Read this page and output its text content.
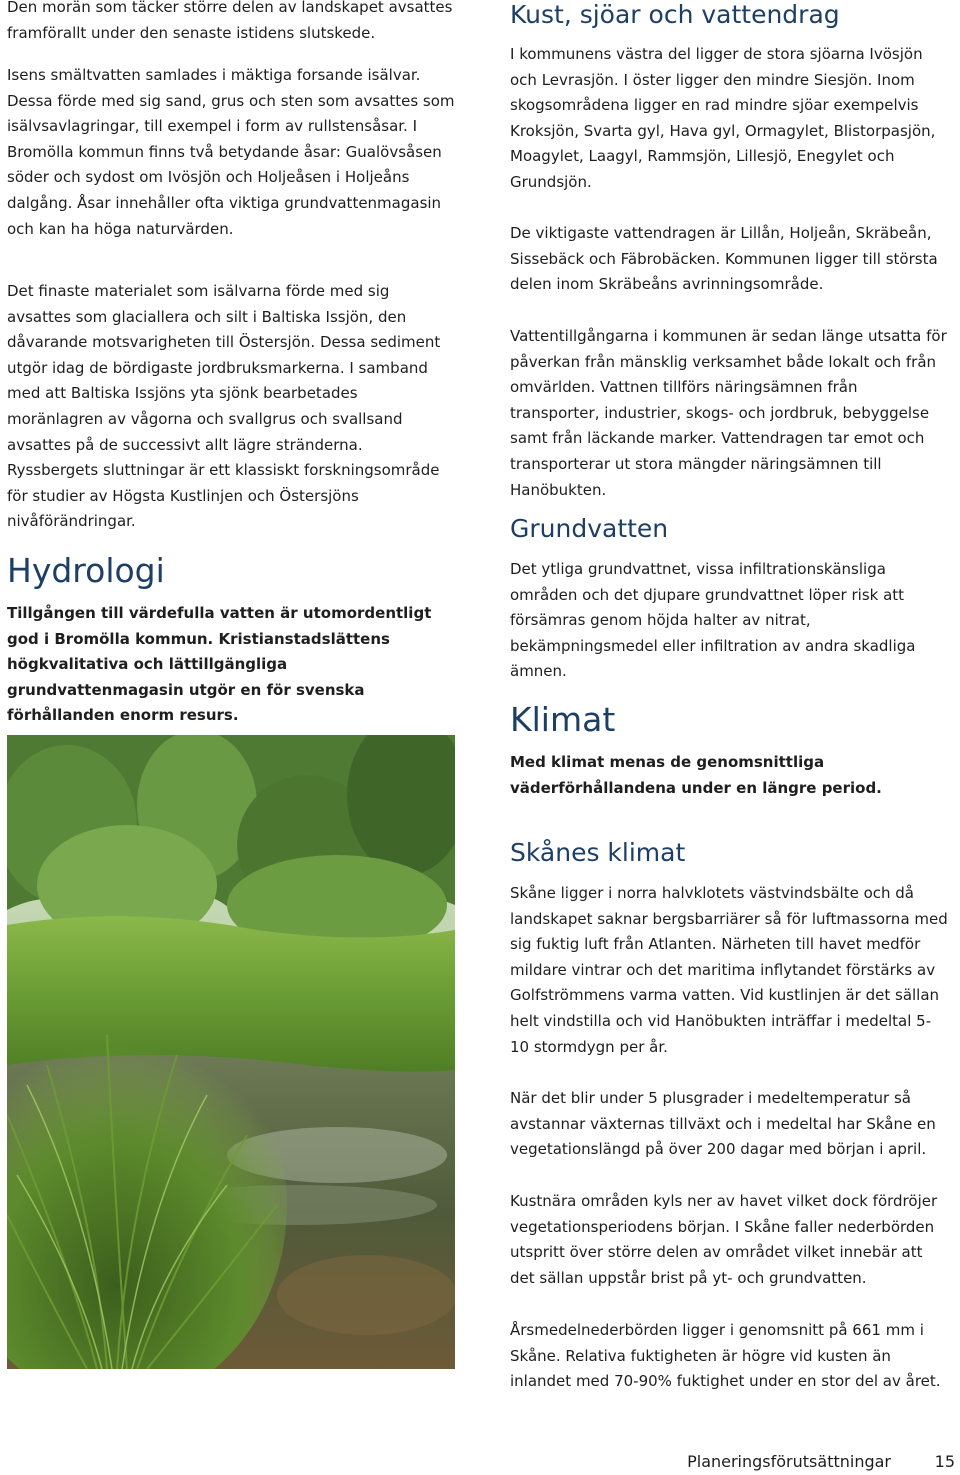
Den morän som täcker större delen av landskapet avsattes framförallt under den senaste istidens slutskede.

Isens smältvatten samlades i mäktiga forsande isälvar. Dessa förde med sig sand, grus och sten som avsattes som isälvsavlagringar, till exempel i form av rullstensåsar. I Bromölla kommun finns två betydande åsar: Gualövsåsen söder och sydost om Ivösjön och Holjeåsen i Holjeåns dalgång. Åsar innehåller ofta viktiga grundvattenmagasin och kan ha höga naturvärden.

Det finaste materialet som isälvarna förde med sig avsattes som glaciallera och silt i Baltiska Issjön, den dåvarande motsvarigheten till Östersjön. Dessa sediment utgör idag de bördigaste jordbruksmarkerna. I samband med att Baltiska Issjöns yta sjönk bearbetades moränlagren av vågorna och svallgrus och svallsand avsattes på de successivt allt lägre stränderna. Ryssbergets sluttningar är ett klassiskt forskningsområde för studier av Högsta Kustlinjen och Östersjöns nivåförändringar.

Hydrologi

Tillgången till värdefulla vatten är utomordentligt god i Bromölla kommun. Kristianstadslättens högkvalitativa och lättillgängliga grundvattenmagasin utgör en för svenska förhållanden enorm resurs.

Kust, sjöar och vattendrag

I kommunens västra del ligger de stora sjöarna Ivösjön och Levrasjön. I öster ligger den mindre Siesjön. Inom skogsområdena ligger en rad mindre sjöar exempelvis Kroksjön, Svarta gyl, Hava gyl, Ormagylet, Blistorpasjön, Moagylet, Laagyl, Rammsjön, Lillesjö, Enegylet och Grundsjön.

De viktigaste vattendragen är Lillån, Holjeån, Skräbeån, Sissebäck och Fäbrobäcken. Kommunen ligger till största delen inom Skräbeåns avrinningsområde.

Vattentillgångarna i kommunen är sedan länge utsatta för påverkan från mänsklig verksamhet både lokalt och från omvärlden. Vattnen tillförs näringsämnen från transporter, industrier, skogs- och jordbruk, bebyggelse samt från läckande marker. Vattendragen tar emot och transporterar ut stora mängder näringsämnen till Hanöbukten.

Grundvatten

Det ytliga grundvattnet, vissa infiltrationskänsliga områden och det djupare grundvattnet löper risk att försämras genom höjda halter av nitrat, bekämpningsmedel eller infiltration av andra skadliga ämnen.

Klimat

Med klimat menas de genomsnittliga väderförhållandena under en längre period.

Skånes klimat

Skåne ligger i norra halvklotets västvindsbälte och då landskapet saknar bergsbarriärer så för luftmassorna med sig fuktig luft från Atlanten. Närheten till havet medför mildare vintrar och det maritima inflytandet förstärks av Golfströmmens varma vatten. Vid kustlinjen är det sällan helt vindstilla och vid Hanöbukten inträffar i medeltal 5-10 stormdygn per år.

När det blir under 5 plusgrader i medeltemperatur så avstannar växternas tillväxt och i medeltal har Skåne en vegetationslängd på över 200 dagar med början i april.

Kustnära områden kyls ner av havet vilket dock fördröjer vegetationsperiodens början. I Skåne faller nederbörden utspritt över större delen av området vilket innebär att det sällan uppstår brist på yt- och grundvatten.

Årsmedelnederbörden ligger i genomsnitt på 661 mm i Skåne. Relativa fuktigheten är högre vid kusten än inlandet med 70-90% fuktighet under en stor del av året.

Planeringsförutsättningar	15
